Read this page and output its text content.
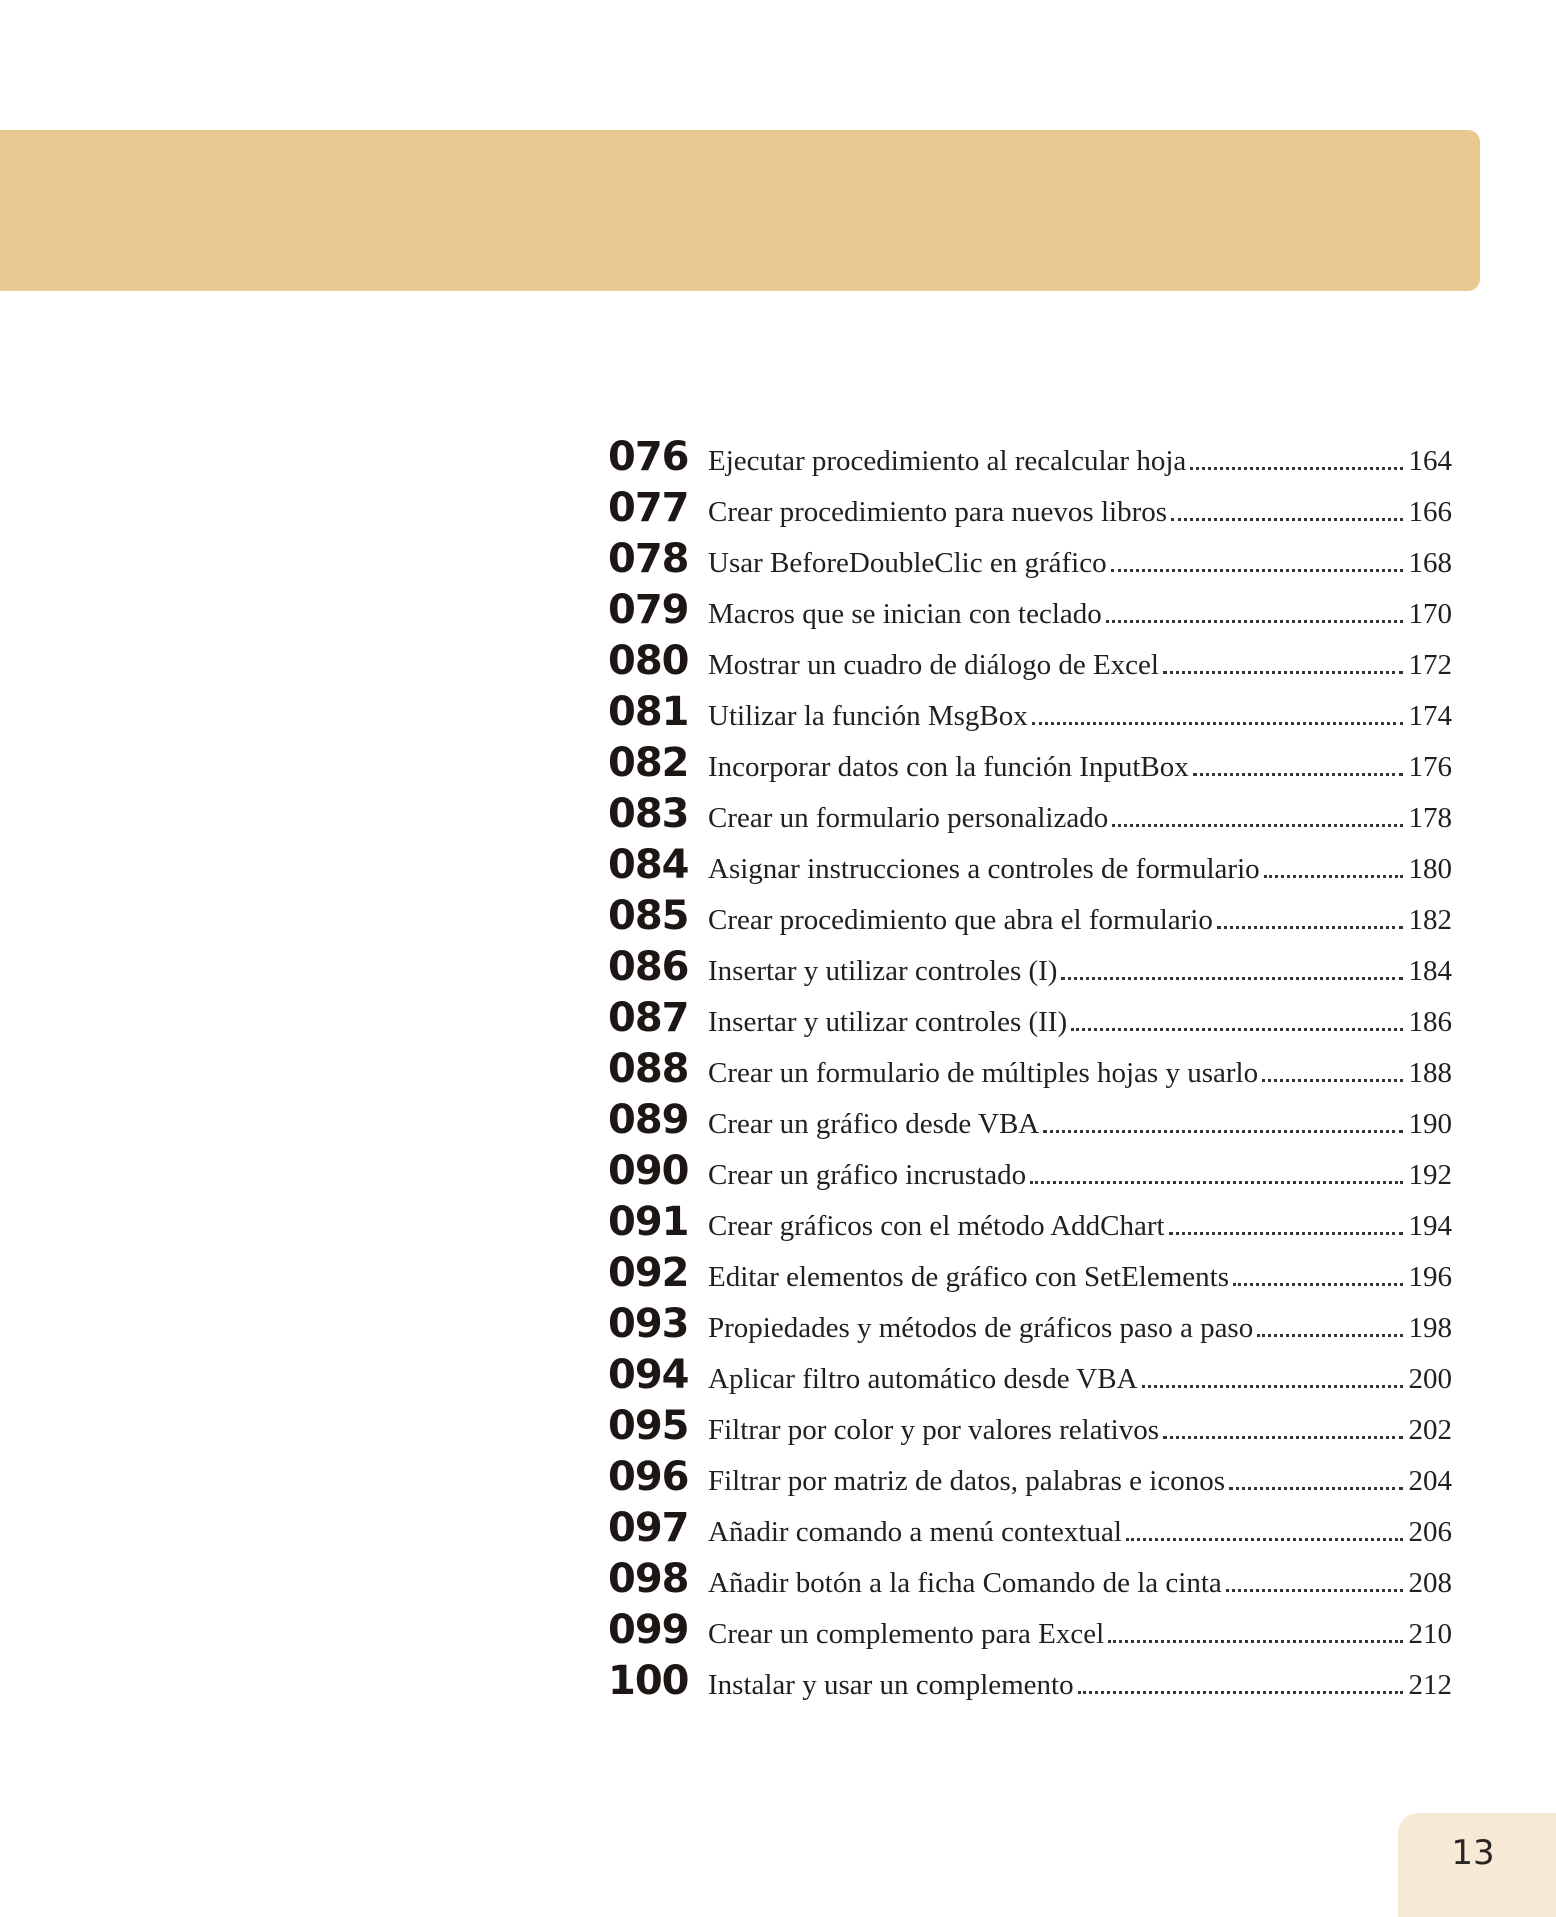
076 Ejecutar procedimiento al recalcular hoja	164
077 Crear procedimiento para nuevos libros	166
078 Usar BeforeDoubleClic en gráfico	168
079 Macros que se inician con teclado	170
080 Mostrar un cuadro de diálogo de Excel	172
081 Utilizar la función MsgBox	174
082 Incorporar datos con la función InputBox	176
083 Crear un formulario personalizado	178
084 Asignar instrucciones a controles de formulario	180
085 Crear procedimiento que abra el formulario	182
086 Insertar y utilizar controles (I)	184
087 Insertar y utilizar controles (II)	186
088 Crear un formulario de múltiples hojas y usarlo	188
089 Crear un gráfico desde VBA	190
090 Crear un gráfico incrustado	192
091 Crear gráficos con el método AddChart	194
092 Editar elementos de gráfico con SetElements	196
093 Propiedades y métodos de gráficos paso a paso	198
094 Aplicar filtro automático desde VBA	200
095 Filtrar por color y por valores relativos	202
096 Filtrar por matriz de datos, palabras e iconos	204
097 Añadir comando a menú contextual	206
098 Añadir botón a la ficha Comando de la cinta	208
099 Crear un complemento para Excel	210
100 Instalar y usar un complemento	212
13
